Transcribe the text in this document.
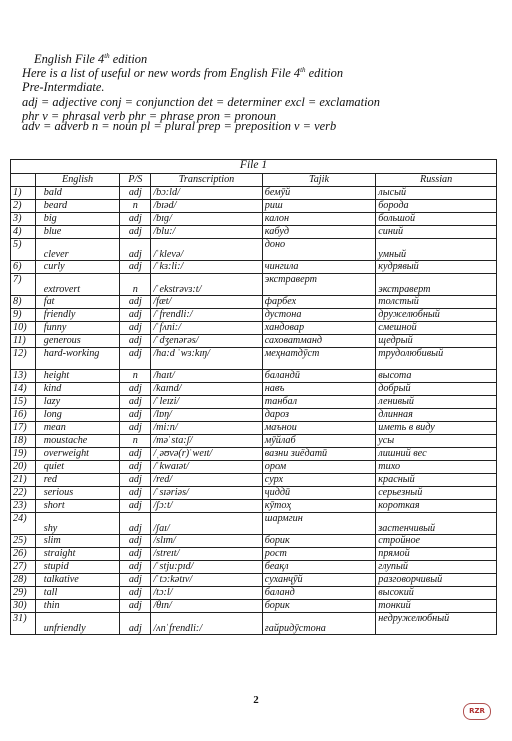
English File 4th edition
Here is a list of useful or new words from English File 4th edition
Pre-Intermdiate.
adj = adjective conj = conjunction det = determiner excl = exclamation
phr v = phrasal verb phr = phrase pron = pronoun
adv = adverb n = noun pl = plural prep = preposition v = verb
File 1					
	English	P/S	Transcription	Tajik	Russian
1)	bald	adj	/bɔ:ld/	бемӯй	лысый
2)	beard	n	/bɪəd/	риш	борода
3)	big	adj	/bɪɡ/	калон	большой
4)	blue	adj	/blu:/	кабуд	синий
5)	clever	adj	/ˈklevə/	доно	умный
6)	curly	adj	/ˈkɜ:li:/	чингила	кудрявый
7)	extrovert	n	/ˈekstrəvɜ:t/	экстраверт	экстраверт
8)	fat	adj	/fæt/	фарбех	толстый
9)	friendly	adj	/ˈfrendli:/	дустона	дружелюбный
10)	funny	adj	/ˈfʌni:/	хандовар	смешной
11)	generous	adj	/ˈdʒenərəs/	саховатманд	щедрый
12)	hard-working	adj	/ha:d ˈwɜ:kɪŋ/	меҳнатдӯст	трудолюбивый
13)	height	n	/haɪt/	баландӣ	высота
14)	kind	adj	/kaɪnd/	навъ	добрый
15)	lazy	adj	/ˈleɪzi/	танбал	ленивый
16)	long	adj	/lɒŋ/	дароз	длинная
17)	mean	adj	/mi:n/	маънои	иметь в виду
18)	moustache	n	/məˈsta:ʃ/	мӯйлаб	усы
19)	overweight	adj	/ˌəʊvə(r)ˈweɪt/	вазни зиёдатӣ	лишний вес
20)	quiet	adj	/ˈkwaɪət/	ором	тихо
21)	red	adj	/red/	сурх	красный
22)	serious	adj	/ˈsɪəriəs/	ҷиддӣ	серьезный
23)	short	adj	/ʃɔ:t/	кӯтоҳ	короткая
24)	shy	adj	/ʃaɪ/	шармгин	застенчивый
25)	slim	adj	/slɪm/	борик	стройное
26)	straight	adj	/streɪt/	рост	прямой
27)	stupid	adj	/ˈstju:pɪd/	беақл	глупый
28)	talkative	adj	/ˈtɔ:kətɪv/	суханҷӯй	разговорчивый
29)	tall	adj	/tɔ:l/	баланд	высокий
30)	thin	adj	/θɪn/	борик	тонкий
31)	unfriendly	adj	/ʌnˈfrendli:/	ғайридӯстона	недружелюбный
2
RZR
